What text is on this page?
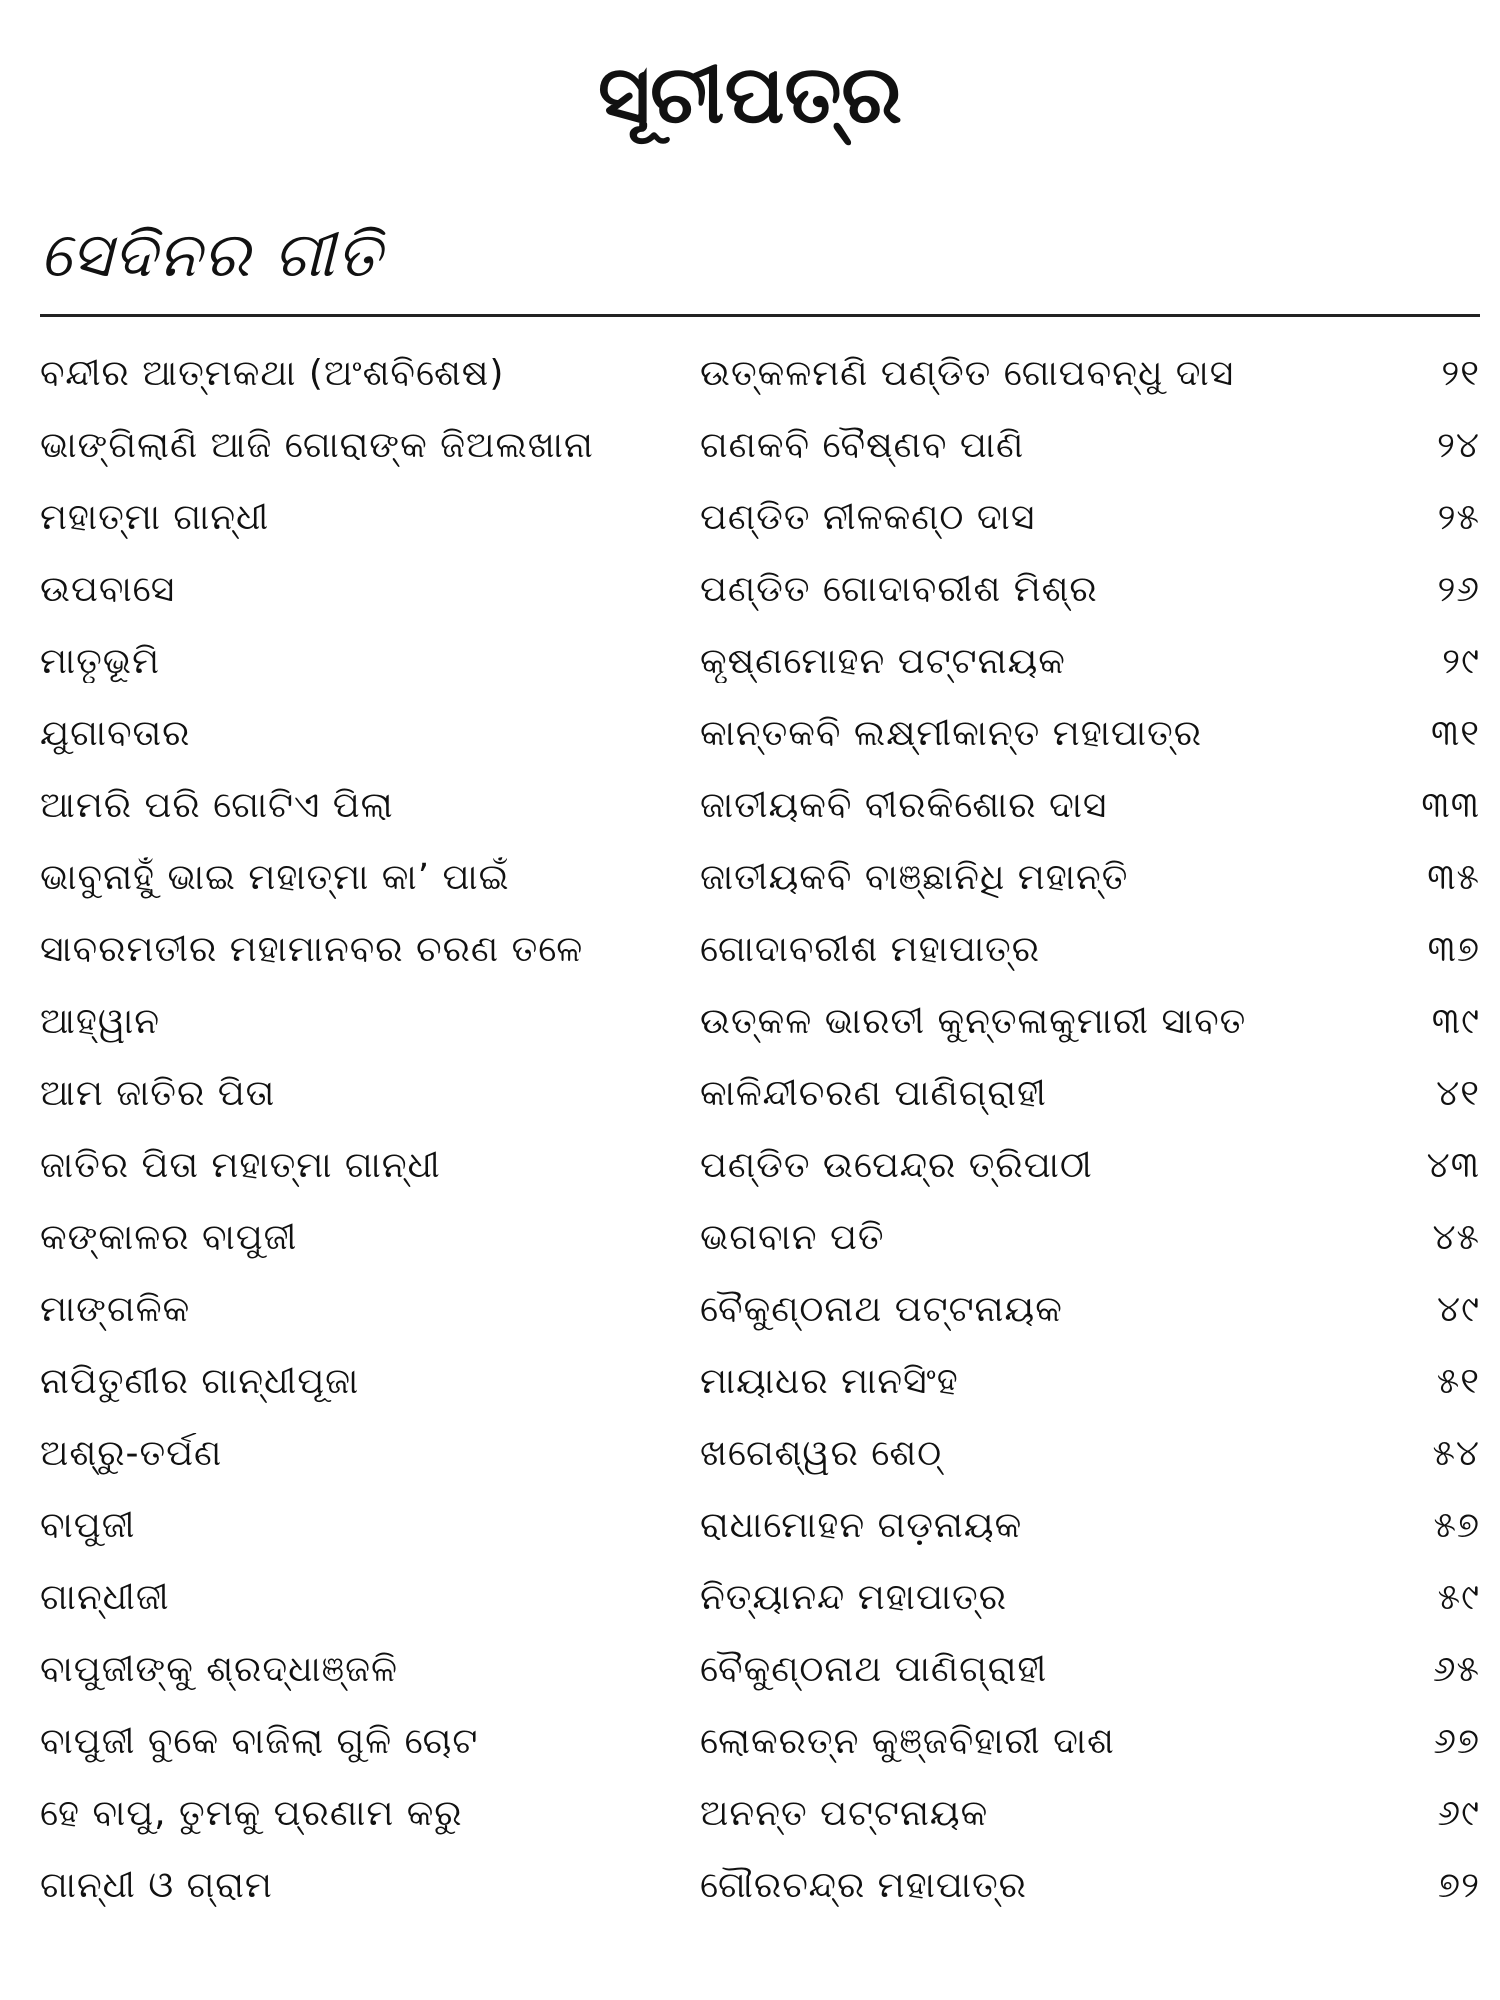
ସୂଚୀପତ୍ର
ସେଦିନର ଗୀତି
ବନ୍ଦୀର ଆତ୍ମକଥା (ଅଂଶବିଶେଷ)	ଉତ୍କଳମଣି ପଣ୍ଡିତ ଗୋପବନ୍ଧୁ ଦାସ	୨୧
ଭାଙ୍ଗିଲାଣି ଆଜି ଗୋରାଙ୍କ ଜିଅଲଖାନା	ଗଣକବି ବୈଷ୍ଣବ ପାଣି	୨୪
ମହାତ୍ମା ଗାନ୍ଧୀ	ପଣ୍ଡିତ ନୀଳକଣ୍ଠ ଦାସ	୨୫
ଉପବାସେ	ପଣ୍ଡିତ ଗୋଦାବରୀଶ ମିଶ୍ର	୨୬
ମାତୃଭୂମି	କୃଷ୍ଣମୋହନ ପଟ୍ଟନାୟକ	୨୯
ଯୁଗାବତାର	କାନ୍ତକବି ଲକ୍ଷ୍ମୀକାନ୍ତ ମହାପାତ୍ର	୩୧
ଆମରି ପରି ଗୋଟିଏ ପିଲା	ଜାତୀୟକବି ବୀରକିଶୋର ଦାସ	୩୩
ଭାବୁନାହୁଁ ଭାଇ ମହାତ୍ମା କା’ ପାଇଁ	ଜାତୀୟକବି ବାଞ୍ଛାନିଧି ମହାନ୍ତି	୩୫
ସାବରମତୀର ମହାମାନବର ଚରଣ ତଳେ	ଗୋଦାବରୀଶ ମହାପାତ୍ର	୩୭
ଆହ୍ୱାନ	ଉତ୍କଳ ଭାରତୀ କୁନ୍ତଳାକୁମାରୀ ସାବତ	୩୯
ଆମ ଜାତିର ପିତା	କାଳିନ୍ଦୀଚରଣ ପାଣିଗ୍ରାହୀ	୪୧
ଜାତିର ପିତା ମହାତ୍ମା ଗାନ୍ଧୀ	ପଣ୍ଡିତ ଉପେନ୍ଦ୍ର ତ୍ରିପାଠୀ	୪୩
କଙ୍କାଳର ବାପୁଜୀ	ଭଗବାନ ପତି	୪୫
ମାଙ୍ଗଳିକ	ବୈକୁଣ୍ଠନାଥ ପଟ୍ଟନାୟକ	୪୯
ନାପିତୁଣୀର ଗାନ୍ଧୀପୂଜା	ମାୟାଧର ମାନସିଂହ	୫୧
ଅଶ୍ରୁ-ତର୍ପଣ	ଖଗେଶ୍ୱର ଶେଠ୍	୫୪
ବାପୁଜୀ	ରାଧାମୋହନ ଗଡ଼ନାୟକ	୫୭
ଗାନ୍ଧୀଜୀ	ନିତ୍ୟାନନ୍ଦ ମହାପାତ୍ର	୫୯
ବାପୁଜୀଙ୍କୁ ଶ୍ରଦ୍ଧାଞ୍ଜଳି	ବୈକୁଣ୍ଠନାଥ ପାଣିଗ୍ରାହୀ	୬୫
ବାପୁଜୀ ବୁକେ ବାଜିଲା ଗୁଳି ଚୋଟ	ଲୋକରତ୍ନ କୁଞ୍ଜବିହାରୀ ଦାଶ	୬୭
ହେ ବାପୁ, ତୁମକୁ ପ୍ରଣାମ କରୁ	ଅନନ୍ତ ପଟ୍ଟନାୟକ	୬୯
ଗାନ୍ଧୀ ଓ ଗ୍ରାମ	ଗୌରଚନ୍ଦ୍ର ମହାପାତ୍ର	୭୨
